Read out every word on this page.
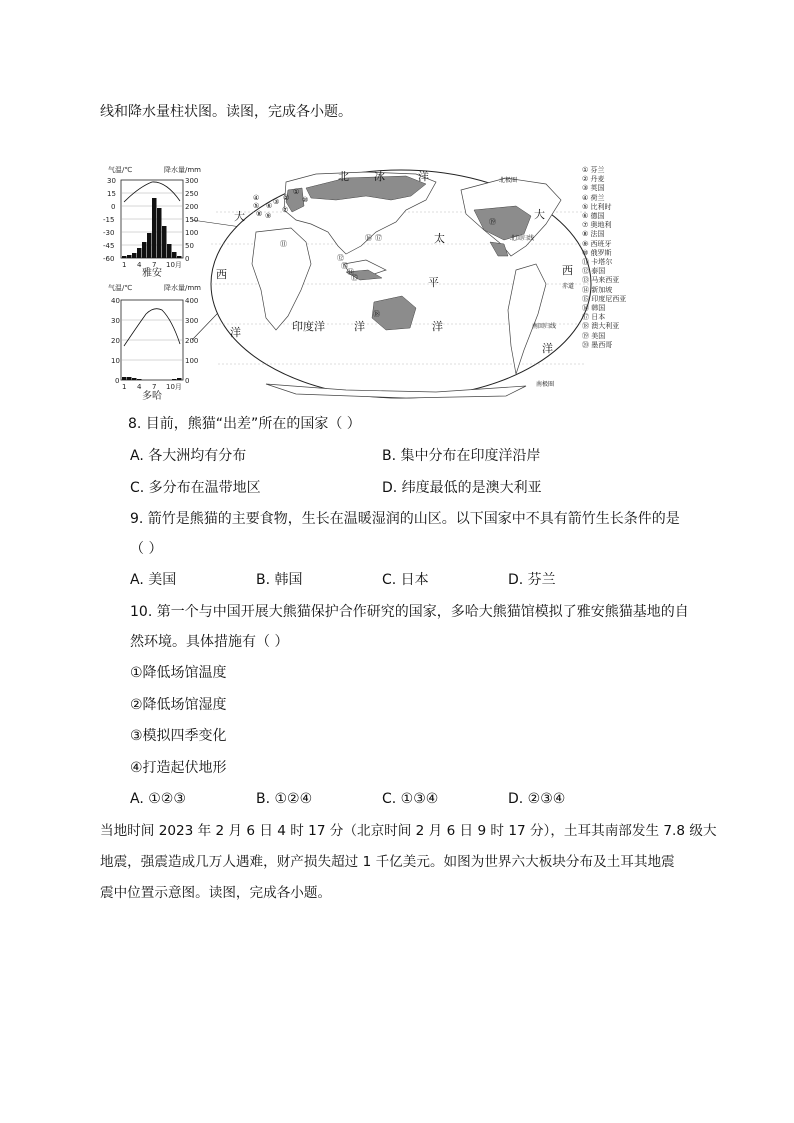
线和降水量柱状图。读图，完成各小题。
气温/℃	降水量/mm
30
15
0
-15
-30
-45
-60
300
250
200
150
100
50
0
1 4 7 10月
雅安
气温/℃	降水量/mm
40
30
20
10
0
400
300
200
100
0
1 4 7 10月
多哈
北 冰	洋
大
西
洋
太
平
洋
印度洋	洋
大
西
洋
北极圈
北回归线
赤道
南回归线
南极圈
①
②
③
④
⑤ ⑥ ⑦
⑧ ⑨
⑩
⑪
⑫
⑬
⑭
⑮
⑯ ⑰
⑱
⑲
① 芬兰
② 丹麦
③ 英国
④ 荷兰
⑤ 比利时
⑥ 德国
⑦ 奥地利
⑧ 法国
⑨ 西班牙
⑩ 俄罗斯
⑪ 卡塔尔
⑫ 泰国
⑬ 马来西亚
⑭ 新加坡
⑮ 印度尼西亚
⑯ 韩国
⑰ 日本
⑱ 澳大利亚
⑲ 美国
⑳ 墨西哥
8. 目前，熊猫“出差”所在的国家（ ）
A. 各大洲均有分布	B. 集中分布在印度洋沿岸
C. 多分布在温带地区	D. 纬度最低的是澳大利亚
9. 箭竹是熊猫的主要食物，生长在温暖湿润的山区。以下国家中不具有箭竹生长条件的是
（ ）
A. 美国	B. 韩国	C. 日本	D. 芬兰
10. 第一个与中国开展大熊猫保护合作研究的国家，多哈大熊猫馆模拟了雅安熊猫基地的自
然环境。具体措施有（ ）
①降低场馆温度
②降低场馆湿度
③模拟四季变化
④打造起伏地形
A. ①②③	B. ①②④	C. ①③④	D. ②③④
当地时间 2023 年 2 月 6 日 4 时 17 分（北京时间 2 月 6 日 9 时 17 分），土耳其南部发生 7.8 级大
地震，强震造成几万人遇难，财产损失超过 1 千亿美元。如图为世界六大板块分布及土耳其地震
震中位置示意图。读图，完成各小题。
